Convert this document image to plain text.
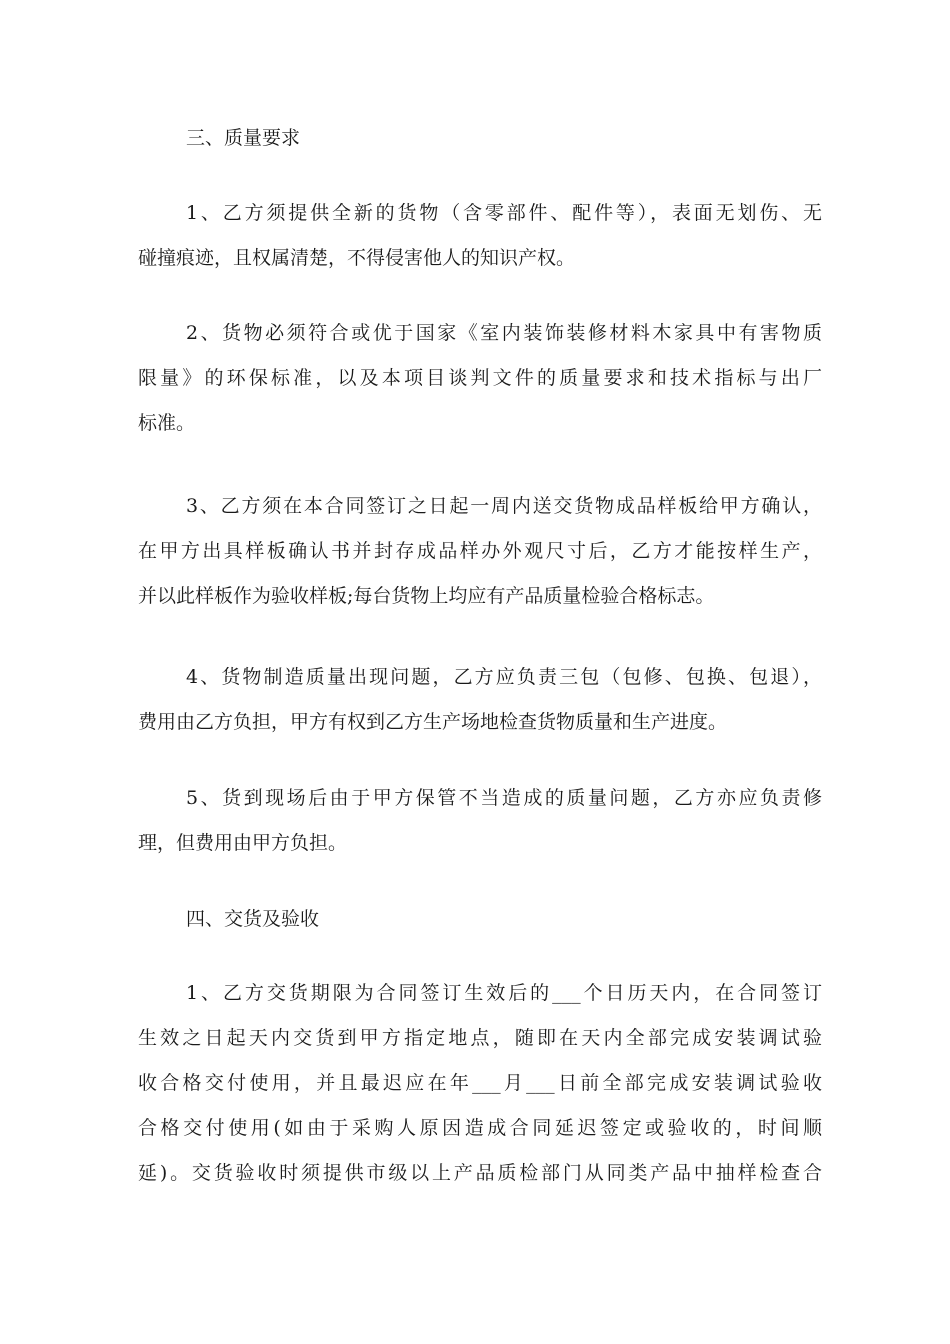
三、质量要求
1、乙方须提供全新的货物（含零部件、配件等），表面无划伤、无
碰撞痕迹，且权属清楚，不得侵害他人的知识产权。
2、货物必须符合或优于国家《室内装饰装修材料木家具中有害物质
限量》的环保标准，以及本项目谈判文件的质量要求和技术指标与出厂
标准。
3、乙方须在本合同签订之日起一周内送交货物成品样板给甲方确认，
在甲方出具样板确认书并封存成品样办外观尺寸后，乙方才能按样生产，
并以此样板作为验收样板;每台货物上均应有产品质量检验合格标志。
4、货物制造质量出现问题，乙方应负责三包（包修、包换、包退），
费用由乙方负担，甲方有权到乙方生产场地检查货物质量和生产进度。
5、货到现场后由于甲方保管不当造成的质量问题，乙方亦应负责修
理，但费用由甲方负担。
四、交货及验收
1、乙方交货期限为合同签订生效后的___个日历天内，在合同签订
生效之日起天内交货到甲方指定地点，随即在天内全部完成安装调试验
收合格交付使用，并且最迟应在年___月___日前全部完成安装调试验收
合格交付使用(如由于采购人原因造成合同延迟签定或验收的，时间顺
延)。交货验收时须提供市级以上产品质检部门从同类产品中抽样检查合
